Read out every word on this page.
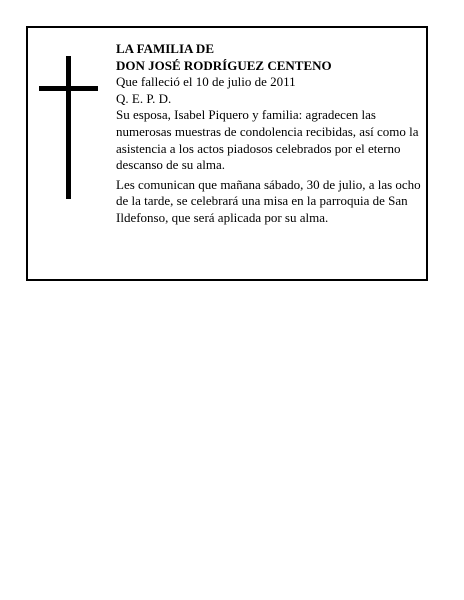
LA FAMILIA DE

DON JOSÉ RODRÍGUEZ CENTENO

Que falleció el 10 de julio de 2011

Q. E. P. D.

Su esposa, Isabel Piquero y familia: agradecen las numerosas muestras de condolencia recibidas, así como la asistencia a los actos piadosos celebrados por el eterno descanso de su alma.

Les comunican que mañana sábado, 30 de julio, a las ocho de la tarde, se celebrará una misa en la parroquia de San Ildefonso, que será aplicada por su alma.
